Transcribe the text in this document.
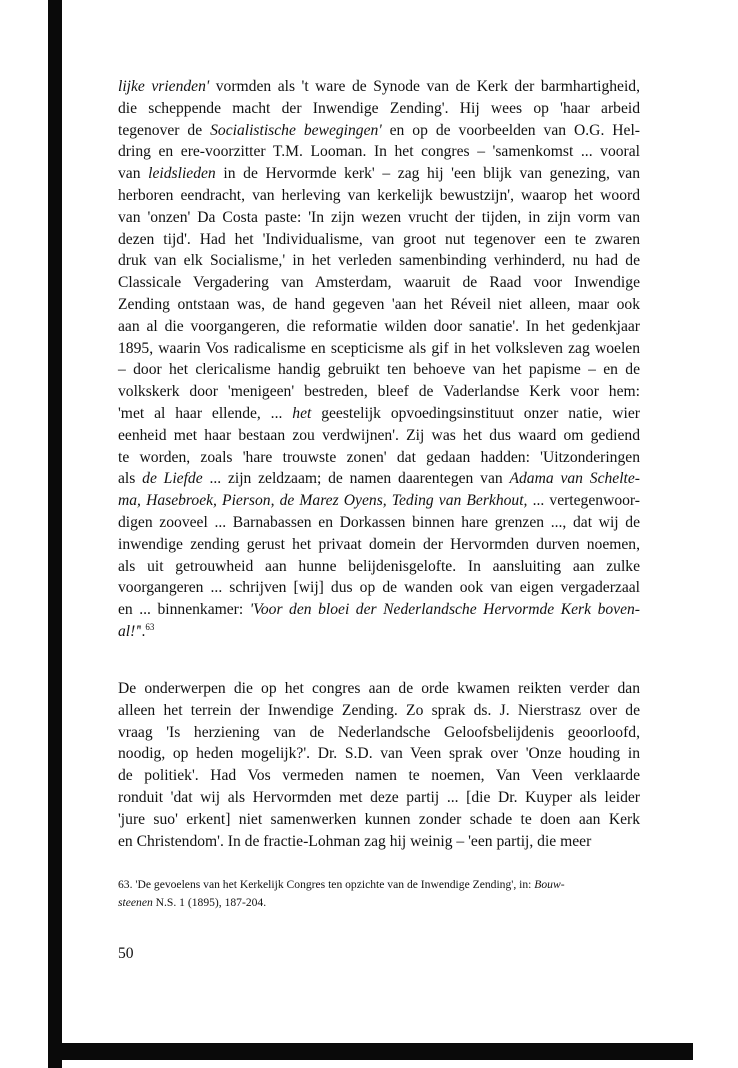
lijke vrienden' vormden als 't ware de Synode van de Kerk der barmhartigheid,
die scheppende macht der Inwendige Zending'. Hij wees op 'haar arbeid
tegenover de Socialistische bewegingen' en op de voorbeelden van O.G. Hel-
dring en ere-voorzitter T.M. Looman. In het congres – 'samenkomst ... vooral
van leidslieden in de Hervormde kerk' – zag hij 'een blijk van genezing, van
herboren eendracht, van herleving van kerkelijk bewustzijn', waarop het woord
van 'onzen' Da Costa paste: 'In zijn wezen vrucht der tijden, in zijn vorm van
dezen tijd'. Had het 'Individualisme, van groot nut tegenover een te zwaren
druk van elk Socialisme,' in het verleden samenbinding verhinderd, nu had de
Classicale Vergadering van Amsterdam, waaruit de Raad voor Inwendige
Zending ontstaan was, de hand gegeven 'aan het Réveil niet alleen, maar ook
aan al die voorgangeren, die reformatie wilden door sanatie'. In het gedenkjaar
1895, waarin Vos radicalisme en scepticisme als gif in het volksleven zag woelen
– door het clericalisme handig gebruikt ten behoeve van het papisme – en de
volkskerk door 'menigeen' bestreden, bleef de Vaderlandse Kerk voor hem:
'met al haar ellende, ... het geestelijk opvoedingsinstituut onzer natie, wier
eenheid met haar bestaan zou verdwijnen'. Zij was het dus waard om gediend
te worden, zoals 'hare trouwste zonen' dat gedaan hadden: 'Uitzonderingen
als de Liefde ... zijn zeldzaam; de namen daarentegen van Adama van Schelte-
ma, Hasebroek, Pierson, de Marez Oyens, Teding van Berkhout, ... vertegenwoor-
digen zooveel ... Barnabassen en Dorkassen binnen hare grenzen ..., dat wij de
inwendige zending gerust het privaat domein der Hervormden durven noemen,
als uit getrouwheid aan hunne belijdenisgelofte. In aansluiting aan zulke
voorgangeren ... schrijven [wij] dus op de wanden ook van eigen vergaderzaal
en ... binnenkamer: 'Voor den bloei der Nederlandsche Hervormde Kerk boven-
al!''.$^{63}$
De onderwerpen die op het congres aan de orde kwamen reikten verder dan
alleen het terrein der Inwendige Zending. Zo sprak ds. J. Nierstrasz over de
vraag 'Is herziening van de Nederlandsche Geloofsbelijdenis geoorloofd,
noodig, op heden mogelijk?'. Dr. S.D. van Veen sprak over 'Onze houding in
de politiek'. Had Vos vermeden namen te noemen, Van Veen verklaarde
ronduit 'dat wij als Hervormden met deze partij ... [die Dr. Kuyper als leider
'jure suo' erkent] niet samenwerken kunnen zonder schade te doen aan Kerk
en Christendom'. In de fractie-Lohman zag hij weinig – 'een partij, die meer
63. 'De gevoelens van het Kerkelijk Congres ten opzichte van de Inwendige Zending', in: Bouw-
steenen N.S. 1 (1895), 187-204.
50
